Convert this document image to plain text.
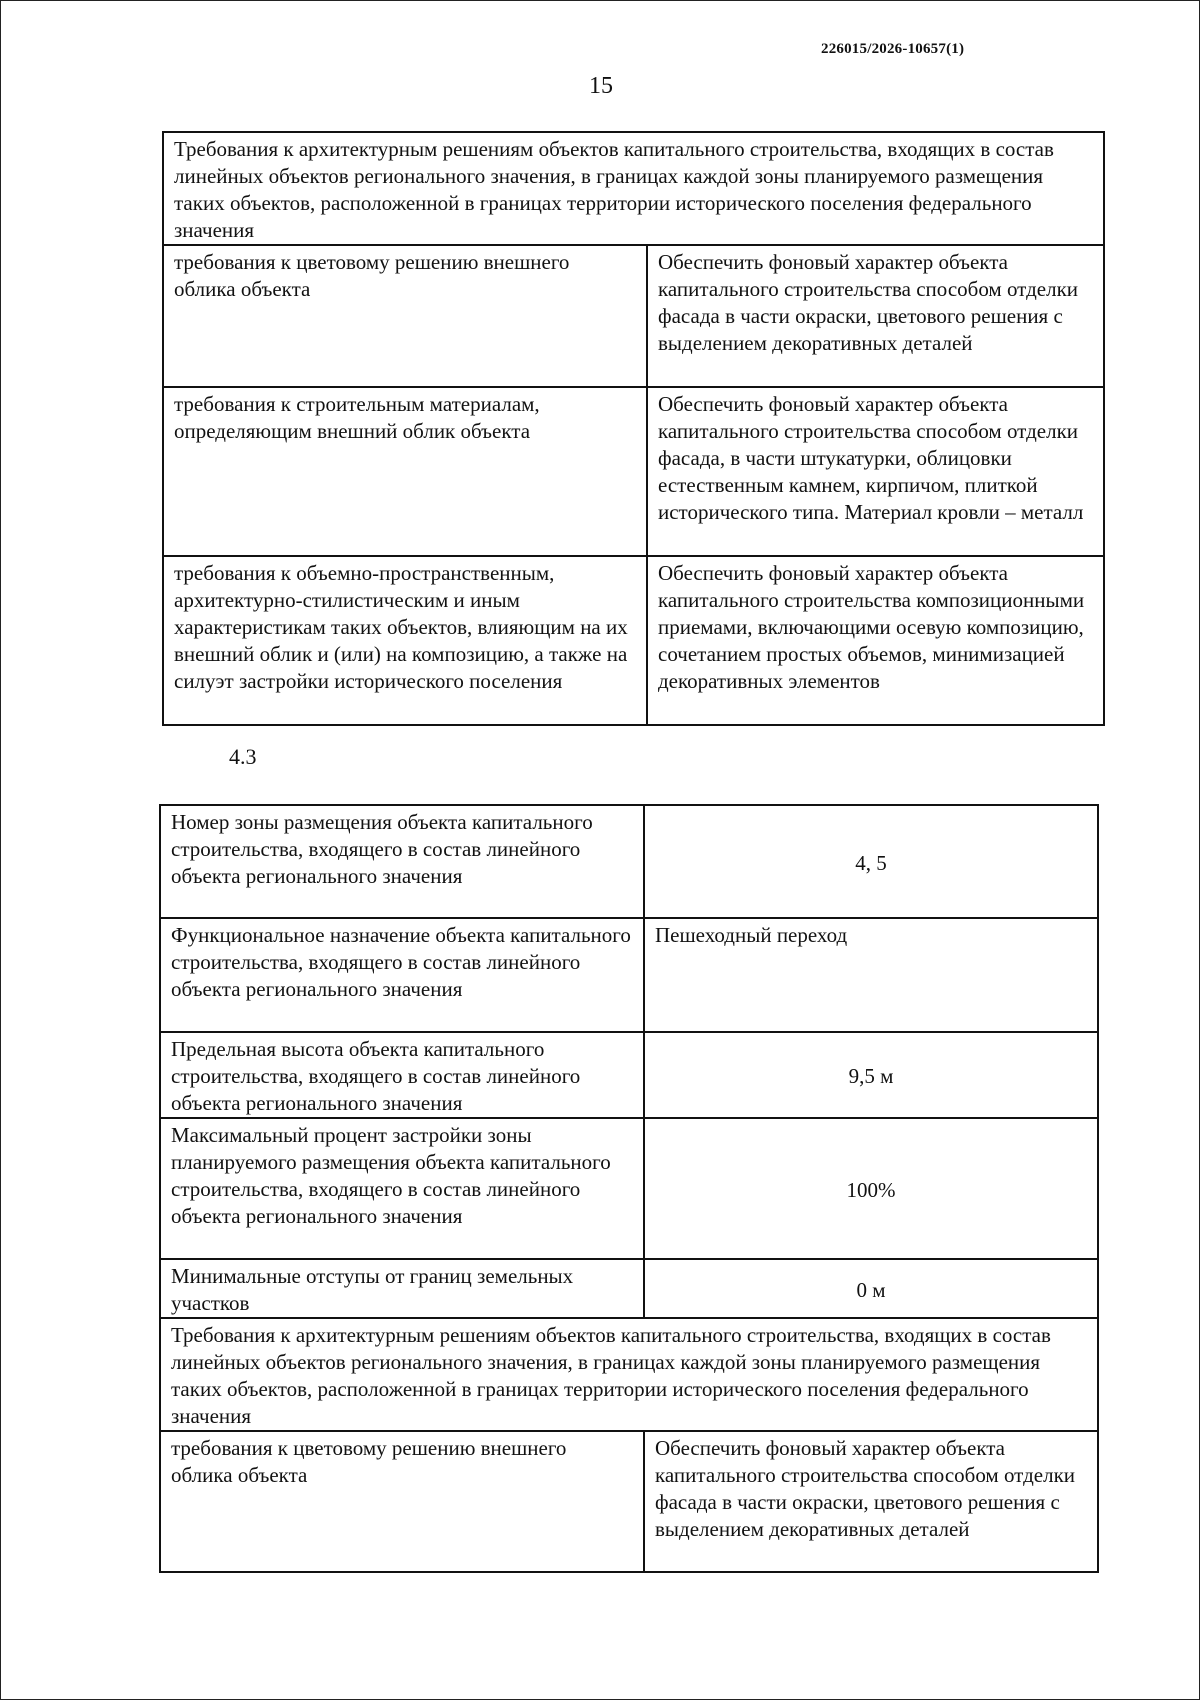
226015/2026-10657(1)
15
Требования к архитектурным решениям объектов капитального строительства, входящих в состав линейных объектов регионального значения, в границах каждой зоны планируемого размещения таких объектов, расположенной в границах территории исторического поселения федерального значения	
требования к цветовому решению внешнего облика объекта	Обеспечить фоновый характер объекта капитального строительства способом отделки фасада в части окраски, цветового решения с выделением декоративных деталей
требования к строительным материалам, определяющим внешний облик объекта	Обеспечить фоновый характер объекта капитального строительства способом отделки фасада, в части штукатурки, облицовки естественным камнем, кирпичом, плиткой исторического типа. Материал кровли – металл
требования к объемно-пространственным, архитектурно-стилистическим и иным характеристикам таких объектов, влияющим на их внешний облик и (или) на композицию, а также на силуэт застройки исторического поселения	Обеспечить фоновый характер объекта капитального строительства композиционными приемами, включающими осевую композицию, сочетанием простых объемов, минимизацией декоративных элементов
4.3
Номер зоны размещения объекта капитального строительства, входящего в состав линейного объекта регионального значения	4, 5
Функциональное назначение объекта капитального строительства, входящего в состав линейного объекта регионального значения	Пешеходный переход
Предельная высота объекта капитального строительства, входящего в состав линейного объекта регионального значения	9,5 м
Максимальный процент застройки зоны планируемого размещения объекта капитального строительства, входящего в состав линейного объекта регионального значения	100%
Минимальные отступы от границ земельных участков	0 м
Требования к архитектурным решениям объектов капитального строительства, входящих в состав линейных объектов регионального значения, в границах каждой зоны планируемого размещения таких объектов, расположенной в границах территории исторического поселения федерального значения	
требования к цветовому решению внешнего облика объекта	Обеспечить фоновый характер объекта капитального строительства способом отделки фасада в части окраски, цветового решения с выделением декоративных деталей
